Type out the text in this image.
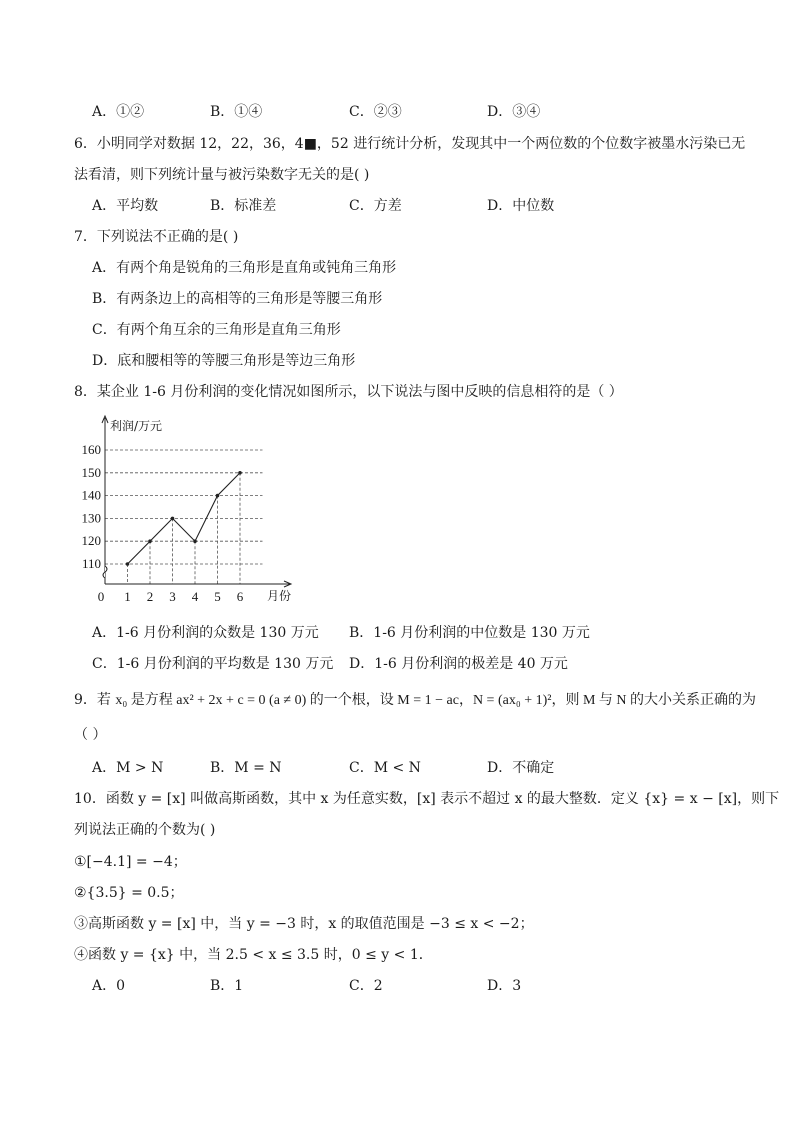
A．①②	B．①④	C．②③	D．③④
6．小明同学对数据 12，22，36，4■，52 进行统计分析，发现其中一个两位数的个位数字被墨水污染已无
法看清，则下列统计量与被污染数字无关的是( )
A．平均数	B．标准差	C．方差	D．中位数
7．下列说法不正确的是( )
A．有两个角是锐角的三角形是直角或钝角三角形
B．有两条边上的高相等的三角形是等腰三角形
C．有两个角互余的三角形是直角三角形
D．底和腰相等的等腰三角形是等边三角形
8．某企业 1-6 月份利润的变化情况如图所示，以下说法与图中反映的信息相符的是（ ）
110
120
130
140
150
160
0 1 2 3 4 5 6
利润/万元
月份
A．1-6 月份利润的众数是 130 万元 B．1-6 月份利润的中位数是 130 万元
C．1-6 月份利润的平均数是 130 万元 D．1-6 月份利润的极差是 40 万元
9．若 x₀ 是方程 ax² + 2x + c = 0 (a ≠ 0) 的一个根，设 M = 1 − ac，N = (ax₀ + 1)²，则 M 与 N 的大小关系正确的为
（ ）
A．M > N	B．M = N	C．M < N	D．不确定
10．函数 y = [x] 叫做高斯函数，其中 x 为任意实数，[x] 表示不超过 x 的最大整数．定义 {x} = x − [x]，则下
列说法正确的个数为( )
①[−4.1] = −4；
②{3.5} = 0.5；
③高斯函数 y = [x] 中，当 y = −3 时，x 的取值范围是 −3 ≤ x < −2；
④函数 y = {x} 中，当 2.5 < x ≤ 3.5 时，0 ≤ y < 1．
A．0	B．1	C．2	D．3
